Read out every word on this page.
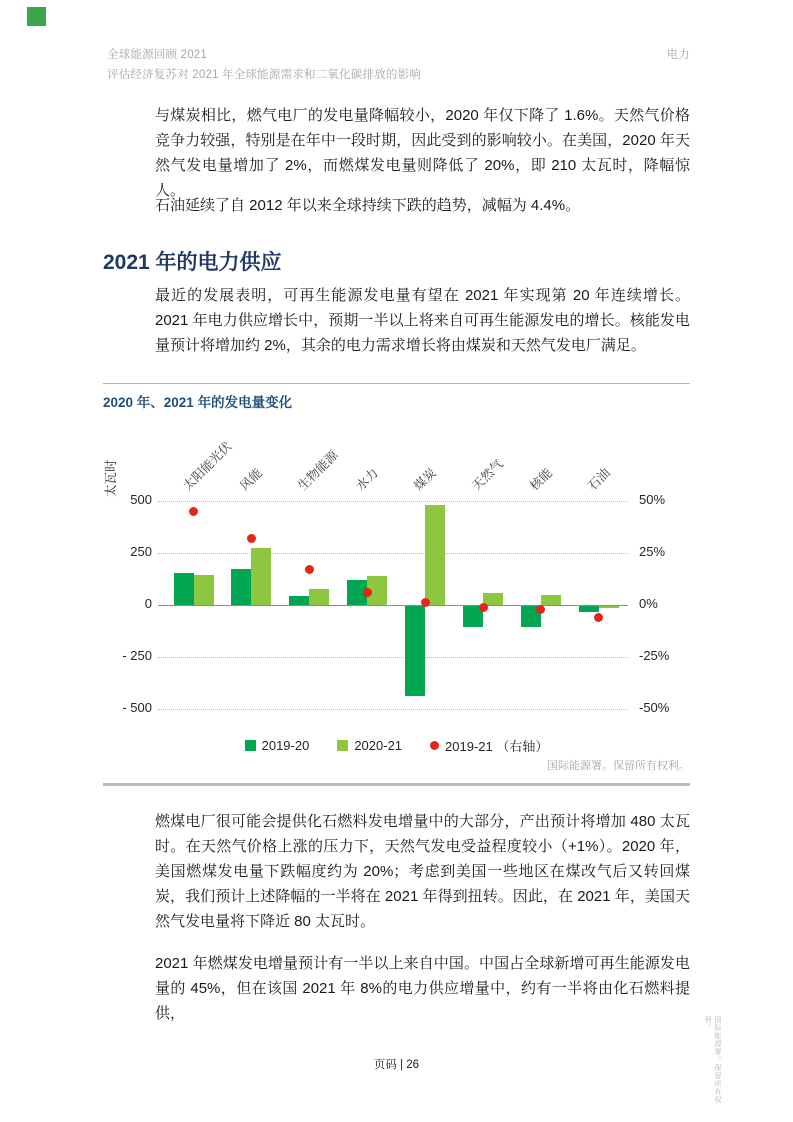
全球能源回顾 2021
评估经济复苏对 2021 年全球能源需求和二氧化碳排放的影响
电力
与煤炭相比，燃气电厂的发电量降幅较小，2020 年仅下降了 1.6%。天然气价格竞争力较强，特别是在年中一段时期，因此受到的影响较小。在美国，2020 年天然气发电量增加了 2%，而燃煤发电量则降低了 20%，即 210 太瓦时，降幅惊人。
石油延续了自 2012 年以来全球持续下跌的趋势，减幅为 4.4%。
2021 年的电力供应
最近的发展表明，可再生能源发电量有望在 2021 年实现第 20 年连续增长。2021 年电力供应增长中，预期一半以上将来自可再生能源发电的增长。核能发电量预计将增加约 2%，其余的电力需求增长将由煤炭和天然气发电厂满足。
2020 年、2021 年的发电量变化
500	50%
250	25%
0	0%
- 250	-25%
- 500	-50%
太瓦时	太阳能光伏 风能 生物能源 水力 煤炭 天然气 核能 石油
2019-20	2020-21	2019-21 （右轴）
国际能源署。保留所有权利。
燃煤电厂很可能会提供化石燃料发电增量中的大部分，产出预计将增加 480 太瓦时。在天然气价格上涨的压力下，天然气发电受益程度较小（+1%）。2020 年，美国燃煤发电量下跌幅度约为 20%；考虑到美国一些地区在煤改气后又转回煤炭，我们预计上述降幅的一半将在 2021 年得到扭转。因此，在 2021 年，美国天然气发电量将下降近 80 太瓦时。
2021 年燃煤发电增量预计有一半以上来自中国。中国占全球新增可再生能源发电量的 45%，但在该国 2021 年 8%的电力供应增量中，约有一半将由化石燃料提供，
页码 | 26	国际能源署。保留所有权利。
